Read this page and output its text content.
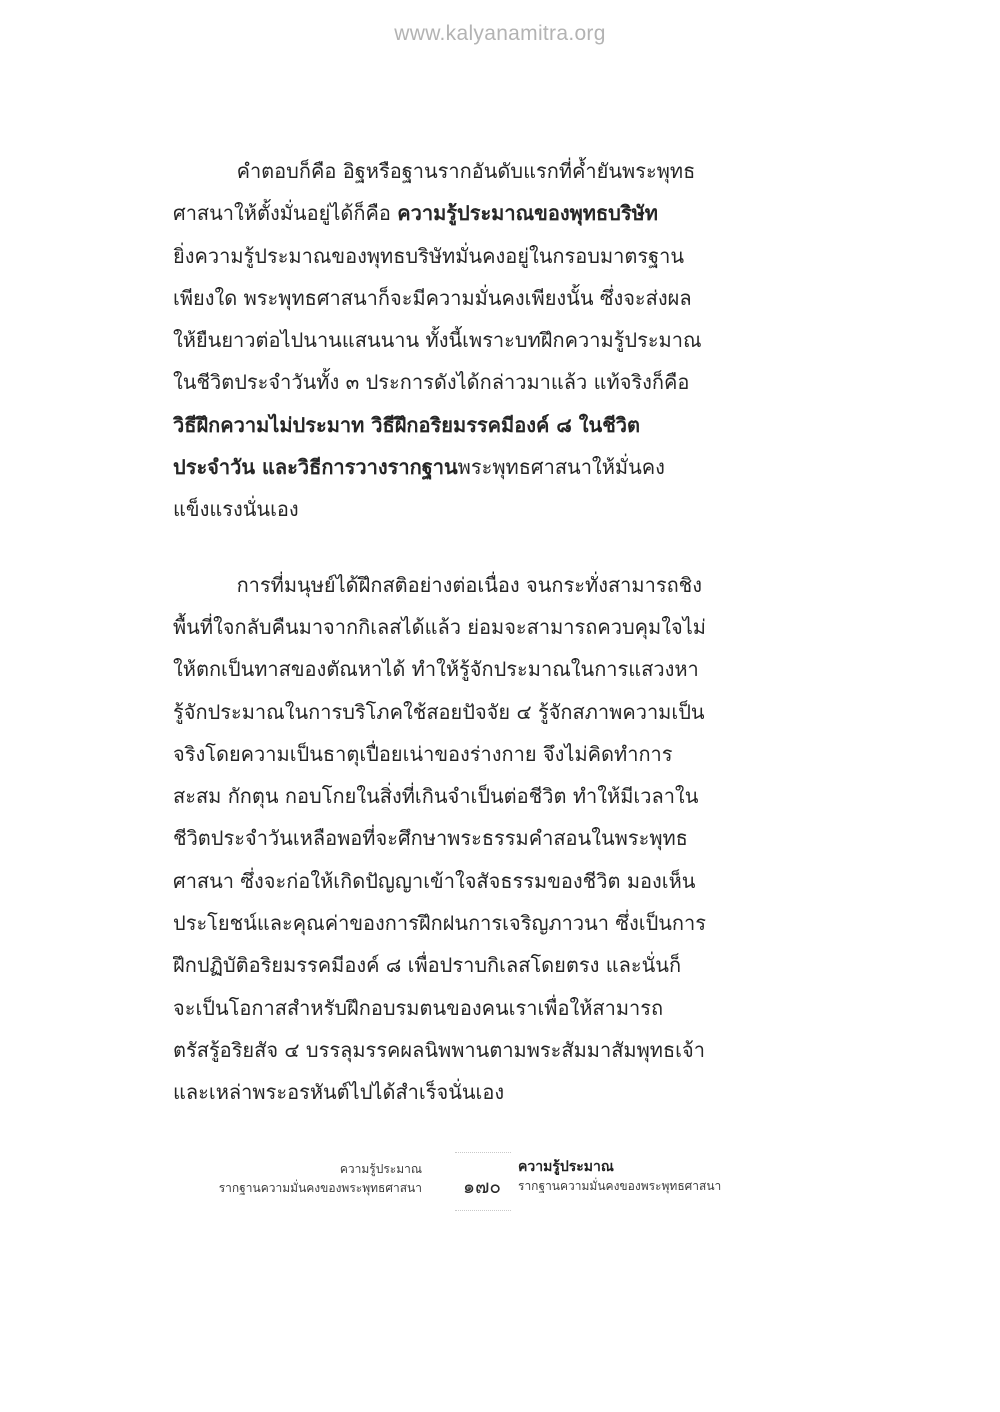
www.kalyanamitra.org
คำตอบก็คือ อิฐหรือฐานรากอันดับแรกที่ค้ำยันพระพุทธ
ศาสนาให้ตั้งมั่นอยู่ได้ก็คือ ความรู้ประมาณของพุทธบริษัท
ยิ่งความรู้ประมาณของพุทธบริษัทมั่นคงอยู่ในกรอบมาตรฐาน
เพียงใด พระพุทธศาสนาก็จะมีความมั่นคงเพียงนั้น ซึ่งจะส่งผล
ให้ยืนยาวต่อไปนานแสนนาน ทั้งนี้เพราะบทฝึกความรู้ประมาณ
ในชีวิตประจำวันทั้ง ๓ ประการดังได้กล่าวมาแล้ว แท้จริงก็คือ
วิธีฝึกความไม่ประมาท วิธีฝึกอริยมรรคมีองค์ ๘ ในชีวิต
ประจำวัน และวิธีการวางรากฐานพระพุทธศาสนาให้มั่นคง
แข็งแรงนั่นเอง
การที่มนุษย์ได้ฝึกสติอย่างต่อเนื่อง จนกระทั่งสามารถชิง
พื้นที่ใจกลับคืนมาจากกิเลสได้แล้ว ย่อมจะสามารถควบคุมใจไม่
ให้ตกเป็นทาสของตัณหาได้ ทำให้รู้จักประมาณในการแสวงหา
รู้จักประมาณในการบริโภคใช้สอยปัจจัย ๔ รู้จักสภาพความเป็น
จริงโดยความเป็นธาตุเปื่อยเน่าของร่างกาย จึงไม่คิดทำการ
สะสม กักตุน กอบโกยในสิ่งที่เกินจำเป็นต่อชีวิต ทำให้มีเวลาใน
ชีวิตประจำวันเหลือพอที่จะศึกษาพระธรรมคำสอนในพระพุทธ
ศาสนา ซึ่งจะก่อให้เกิดปัญญาเข้าใจสัจธรรมของชีวิต มองเห็น
ประโยชน์และคุณค่าของการฝึกฝนการเจริญภาวนา ซึ่งเป็นการ
ฝึกปฏิบัติอริยมรรคมีองค์ ๘ เพื่อปราบกิเลสโดยตรง และนั่นก็
จะเป็นโอกาสสำหรับฝึกอบรมตนของคนเราเพื่อให้สามารถ
ตรัสรู้อริยสัจ ๔ บรรลุมรรคผลนิพพานตามพระสัมมาสัมพุทธเจ้า
และเหล่าพระอรหันต์ไปได้สำเร็จนั่นเอง
ความรู้ประมาณ
รากฐานความมั่นคงของพระพุทธศาสนา	๑๗๐
ความรู้ประมาณ
รากฐานความมั่นคงของพระพุทธศาสนา
